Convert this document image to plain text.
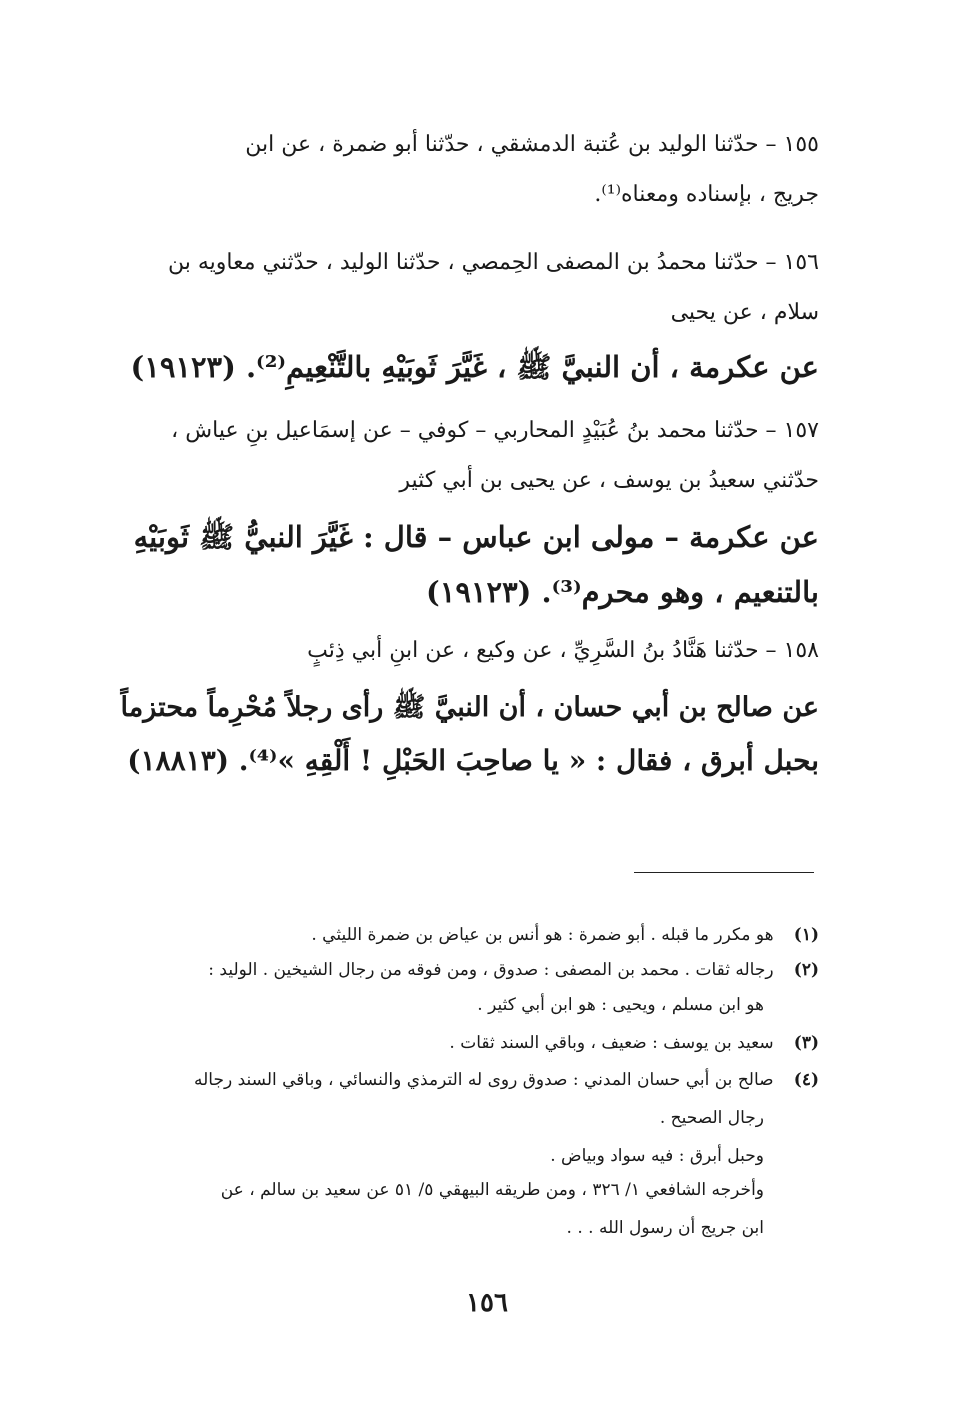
١٥٥ – حدّثنا الوليد بن عُتبة الدمشقي ، حدّثنا أبو ضمرة ، عن ابن
جريج ، بإسناده ومعناه⁽¹⁾.
١٥٦ – حدّثنا محمدُ بن المصفى الحِمصي ، حدّثنا الوليد ، حدّثني معاويه بن
سلام ، عن يحيى
عن عكرمة ، أن النبيَّ ﷺ ، غَيَّرَ ثَوبَيْهِ بالتَّنْعِيمِ⁽²⁾. (١٩١٢٣)
١٥٧ – حدّثنا محمد بنُ عُبَيْدٍ المحاربي – كوفي – عن إسمَاعيل بنِ عياش ،
حدّثني سعيدُ بن يوسف ، عن يحيى بن أبي كثير
عن عكرمة – مولى ابن عباس – قال : غَيَّرَ النبيُّ ﷺ ثَوبَيْهِ
بالتنعيم ، وهو محرم⁽³⁾. (١٩١٢٣)
١٥٨ – حدّثنا هَنَّادُ بنُ السَّرِيِّ ، عن وكيع ، عن ابنِ أبي ذِئبٍ
عن صالح بن أبي حسان ، أن النبيَّ ﷺ رأى رجلاً مُحْرِماً محتزماً
بحبل أبرق ، فقال : « يا صاحِبَ الحَبْلِ ! أَلْقِهِ »⁽⁴⁾. (١٨٨١٣)
(١) هو مكرر ما قبله . أبو ضمرة : هو أنس بن عياض بن ضمرة الليثي .
(٢) رجاله ثقات . محمد بن المصفى : صدوق ، ومن فوقه من رجال الشيخين . الوليد :
هو ابن مسلم ، ويحيى : هو ابن أبي كثير .
(٣) سعيد بن يوسف : ضعيف ، وباقي السند ثقات .
(٤) صالح بن أبي حسان المدني : صدوق روى له الترمذي والنسائي ، وباقي السند رجاله
رجال الصحيح .
وحبل أبرق : فيه سواد وبياض .
وأخرجه الشافعي ١/ ٣٢٦ ، ومن طريقه البيهقي ٥/ ٥١ عن سعيد بن سالم ، عن
ابن جريج أن رسول الله . . .
١٥٦
